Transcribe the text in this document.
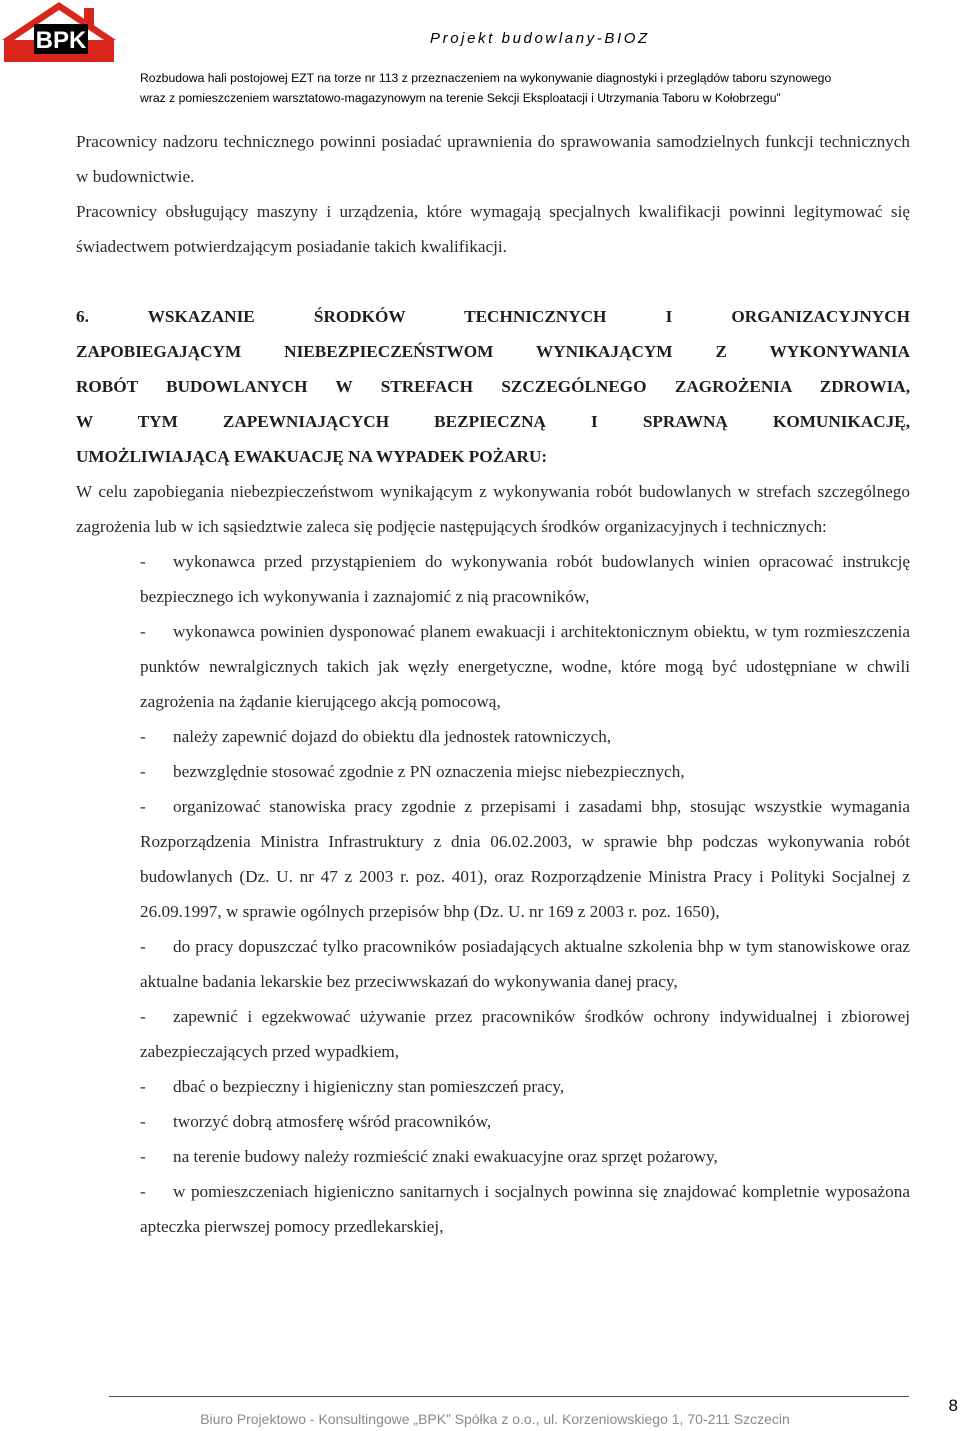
BPK	Projekt budowlany-BIOZ
Rozbudowa hali postojowej EZT na torze nr 113 z przeznaczeniem na wykonywanie diagnostyki i przeglądów taboru szynowego
wraz z pomieszczeniem warsztatowo-magazynowym na terenie Sekcji Eksploatacji i Utrzymania Taboru w Kołobrzegu”

Pracownicy nadzoru technicznego powinni posiadać uprawnienia do sprawowania samodzielnych funkcji technicznych w budownictwie.

Pracownicy obsługujący maszyny i urządzenia, które wymagają specjalnych kwalifikacji powinni legitymować się świadectwem potwierdzającym posiadanie takich kwalifikacji.

6. WSKAZANIE ŚRODKÓW TECHNICZNYCH I ORGANIZACYJNYCH
ZAPOBIEGAJĄCYM NIEBEZPIECZEŃSTWOM WYNIKAJĄCYM Z WYKONYWANIA
ROBÓT BUDOWLANYCH W STREFACH SZCZEGÓLNEGO ZAGROŻENIA ZDROWIA,
W TYM ZAPEWNIAJĄCYCH BEZPIECZNĄ I SPRAWNĄ KOMUNIKACJĘ,
UMOŻLIWIAJĄCĄ EWAKUACJĘ NA WYPADEK POŻARU:

W celu zapobiegania niebezpieczeństwom wynikającym z wykonywania robót budowlanych w strefach szczególnego zagrożenia lub w ich sąsiedztwie zaleca się podjęcie następujących środków organizacyjnych i technicznych:

-	wykonawca przed przystąpieniem do wykonywania robót budowlanych winien opracować instrukcję bezpiecznego ich wykonywania i zaznajomić z nią pracowników,
-	wykonawca powinien dysponować planem ewakuacji i architektonicznym obiektu, w tym rozmieszczenia punktów newralgicznych takich jak węzły energetyczne, wodne, które mogą być udostępniane w chwili zagrożenia na żądanie kierującego akcją pomocową,
-	należy zapewnić dojazd do obiektu dla jednostek ratowniczych,
-	bezwzględnie stosować zgodnie z PN oznaczenia miejsc niebezpiecznych,
-	organizować stanowiska pracy zgodnie z przepisami i zasadami bhp, stosując wszystkie wymagania Rozporządzenia Ministra Infrastruktury z dnia 06.02.2003, w sprawie bhp podczas wykonywania robót budowlanych (Dz. U. nr 47 z 2003 r. poz. 401), oraz Rozporządzenie Ministra Pracy i Polityki Socjalnej z 26.09.1997, w sprawie ogólnych przepisów bhp (Dz. U. nr 169 z 2003 r. poz. 1650),
-	do pracy dopuszczać tylko pracowników posiadających aktualne szkolenia bhp w tym stanowiskowe oraz aktualne badania lekarskie bez przeciwwskazań do wykonywania danej pracy,
-	zapewnić i egzekwować używanie przez pracowników środków ochrony indywidualnej i zbiorowej zabezpieczających przed wypadkiem,
-	dbać o bezpieczny i higieniczny stan pomieszczeń pracy,
-	tworzyć dobrą atmosferę wśród pracowników,
-	na terenie budowy należy rozmieścić znaki ewakuacyjne oraz sprzęt pożarowy,
-	w pomieszczeniach higieniczno sanitarnych i socjalnych powinna się znajdować kompletnie wyposażona apteczka pierwszej pomocy przedlekarskiej,
8
Biuro Projektowo - Konsultingowe „BPK” Spółka z o.o., ul. Korzeniowskiego 1, 70-211 Szczecin
